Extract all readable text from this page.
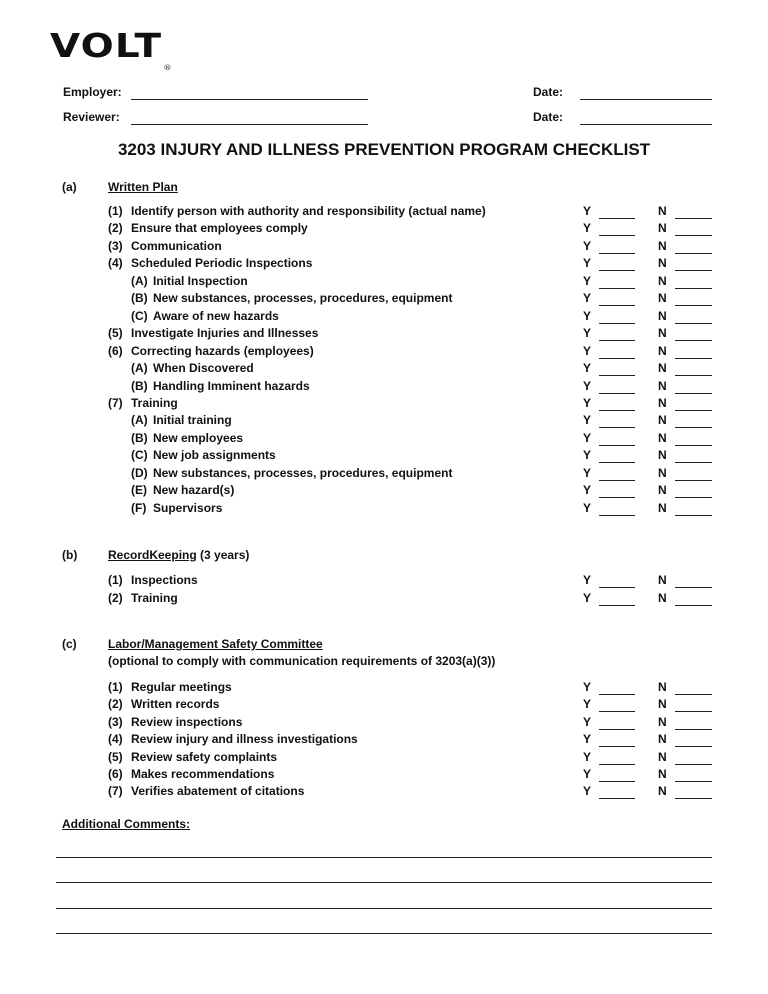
VOLT®
Employer:	Date:
Reviewer:	Date:
3203 INJURY AND ILLNESS PREVENTION PROGRAM CHECKLIST
(a)	Written Plan
(1) Identify person with authority and responsibility (actual name)	Y	N
(2) Ensure that employees comply	Y	N
(3) Communication	Y	N
(4) Scheduled Periodic Inspections	Y	N
(A) Initial Inspection	Y	N
(B) New substances, processes, procedures, equipment	Y	N
(C) Aware of new hazards	Y	N
(5) Investigate Injuries and Illnesses	Y	N
(6) Correcting hazards (employees)	Y	N
(A) When Discovered	Y	N
(B) Handling Imminent hazards	Y	N
(7) Training	Y	N
(A) Initial training	Y	N
(B) New employees	Y	N
(C) New job assignments	Y	N
(D) New substances, processes, procedures, equipment	Y	N
(E) New hazard(s)	Y	N
(F) Supervisors	Y	N
(b)	RecordKeeping (3 years)
(1) Inspections	Y	N
(2) Training	Y	N
(c)	Labor/Management Safety Committee
(optional to comply with communication requirements of 3203(a)(3))
(1) Regular meetings	Y	N
(2) Written records	Y	N
(3) Review inspections	Y	N
(4) Review injury and illness investigations	Y	N
(5) Review safety complaints	Y	N
(6) Makes recommendations	Y	N
(7) Verifies abatement of citations	Y	N
Additional Comments:
